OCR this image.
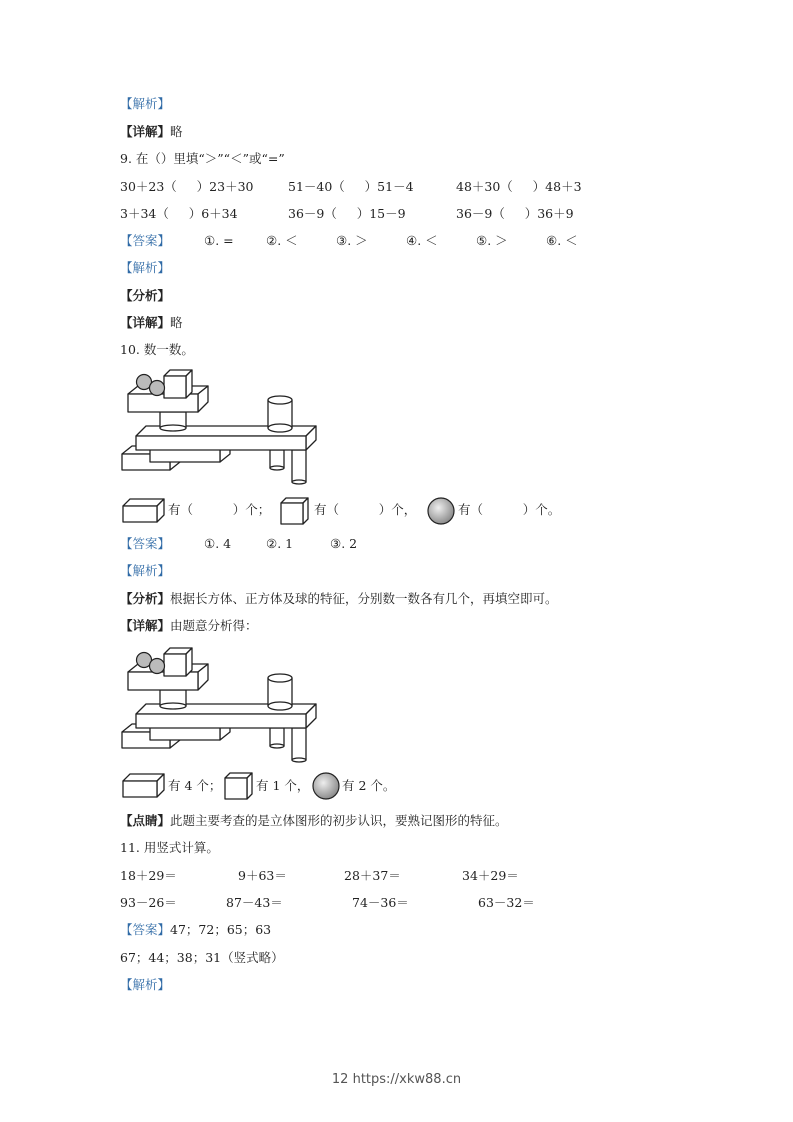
【解析】
【详解】略
9. 在（）里填“＞”“＜”或“=”
30＋23（     ）23＋30	51－40（     ）51－4	48＋30（     ）48＋3
3＋34（     ）6＋34	36－9（     ）15－9	36－9（     ）36＋9
【答案】	①. =	②. ＜	③. ＞	④. ＜	⑤. ＞	⑥. ＜
【解析】
【分析】
【详解】略
10. 数一数。
有（          ）个；	有（          ）个，	有（          ）个。
【答案】	①. 4	②. 1	③. 2
【解析】
【分析】根据长方体、正方体及球的特征，分别数一数各有几个，再填空即可。
【详解】由题意分析得：
有 4 个；	有 1 个，	有 2 个。
【点睛】此题主要考查的是立体图形的初步认识，要熟记图形的特征。
11. 用竖式计算。
18＋29＝	9＋63＝	28＋37＝	34＋29＝
93－26＝	87－43＝	74－36＝	63－32＝
【答案】47；72；65；63
67；44；38；31（竖式略）
【解析】
12 https://xkw88.cn
